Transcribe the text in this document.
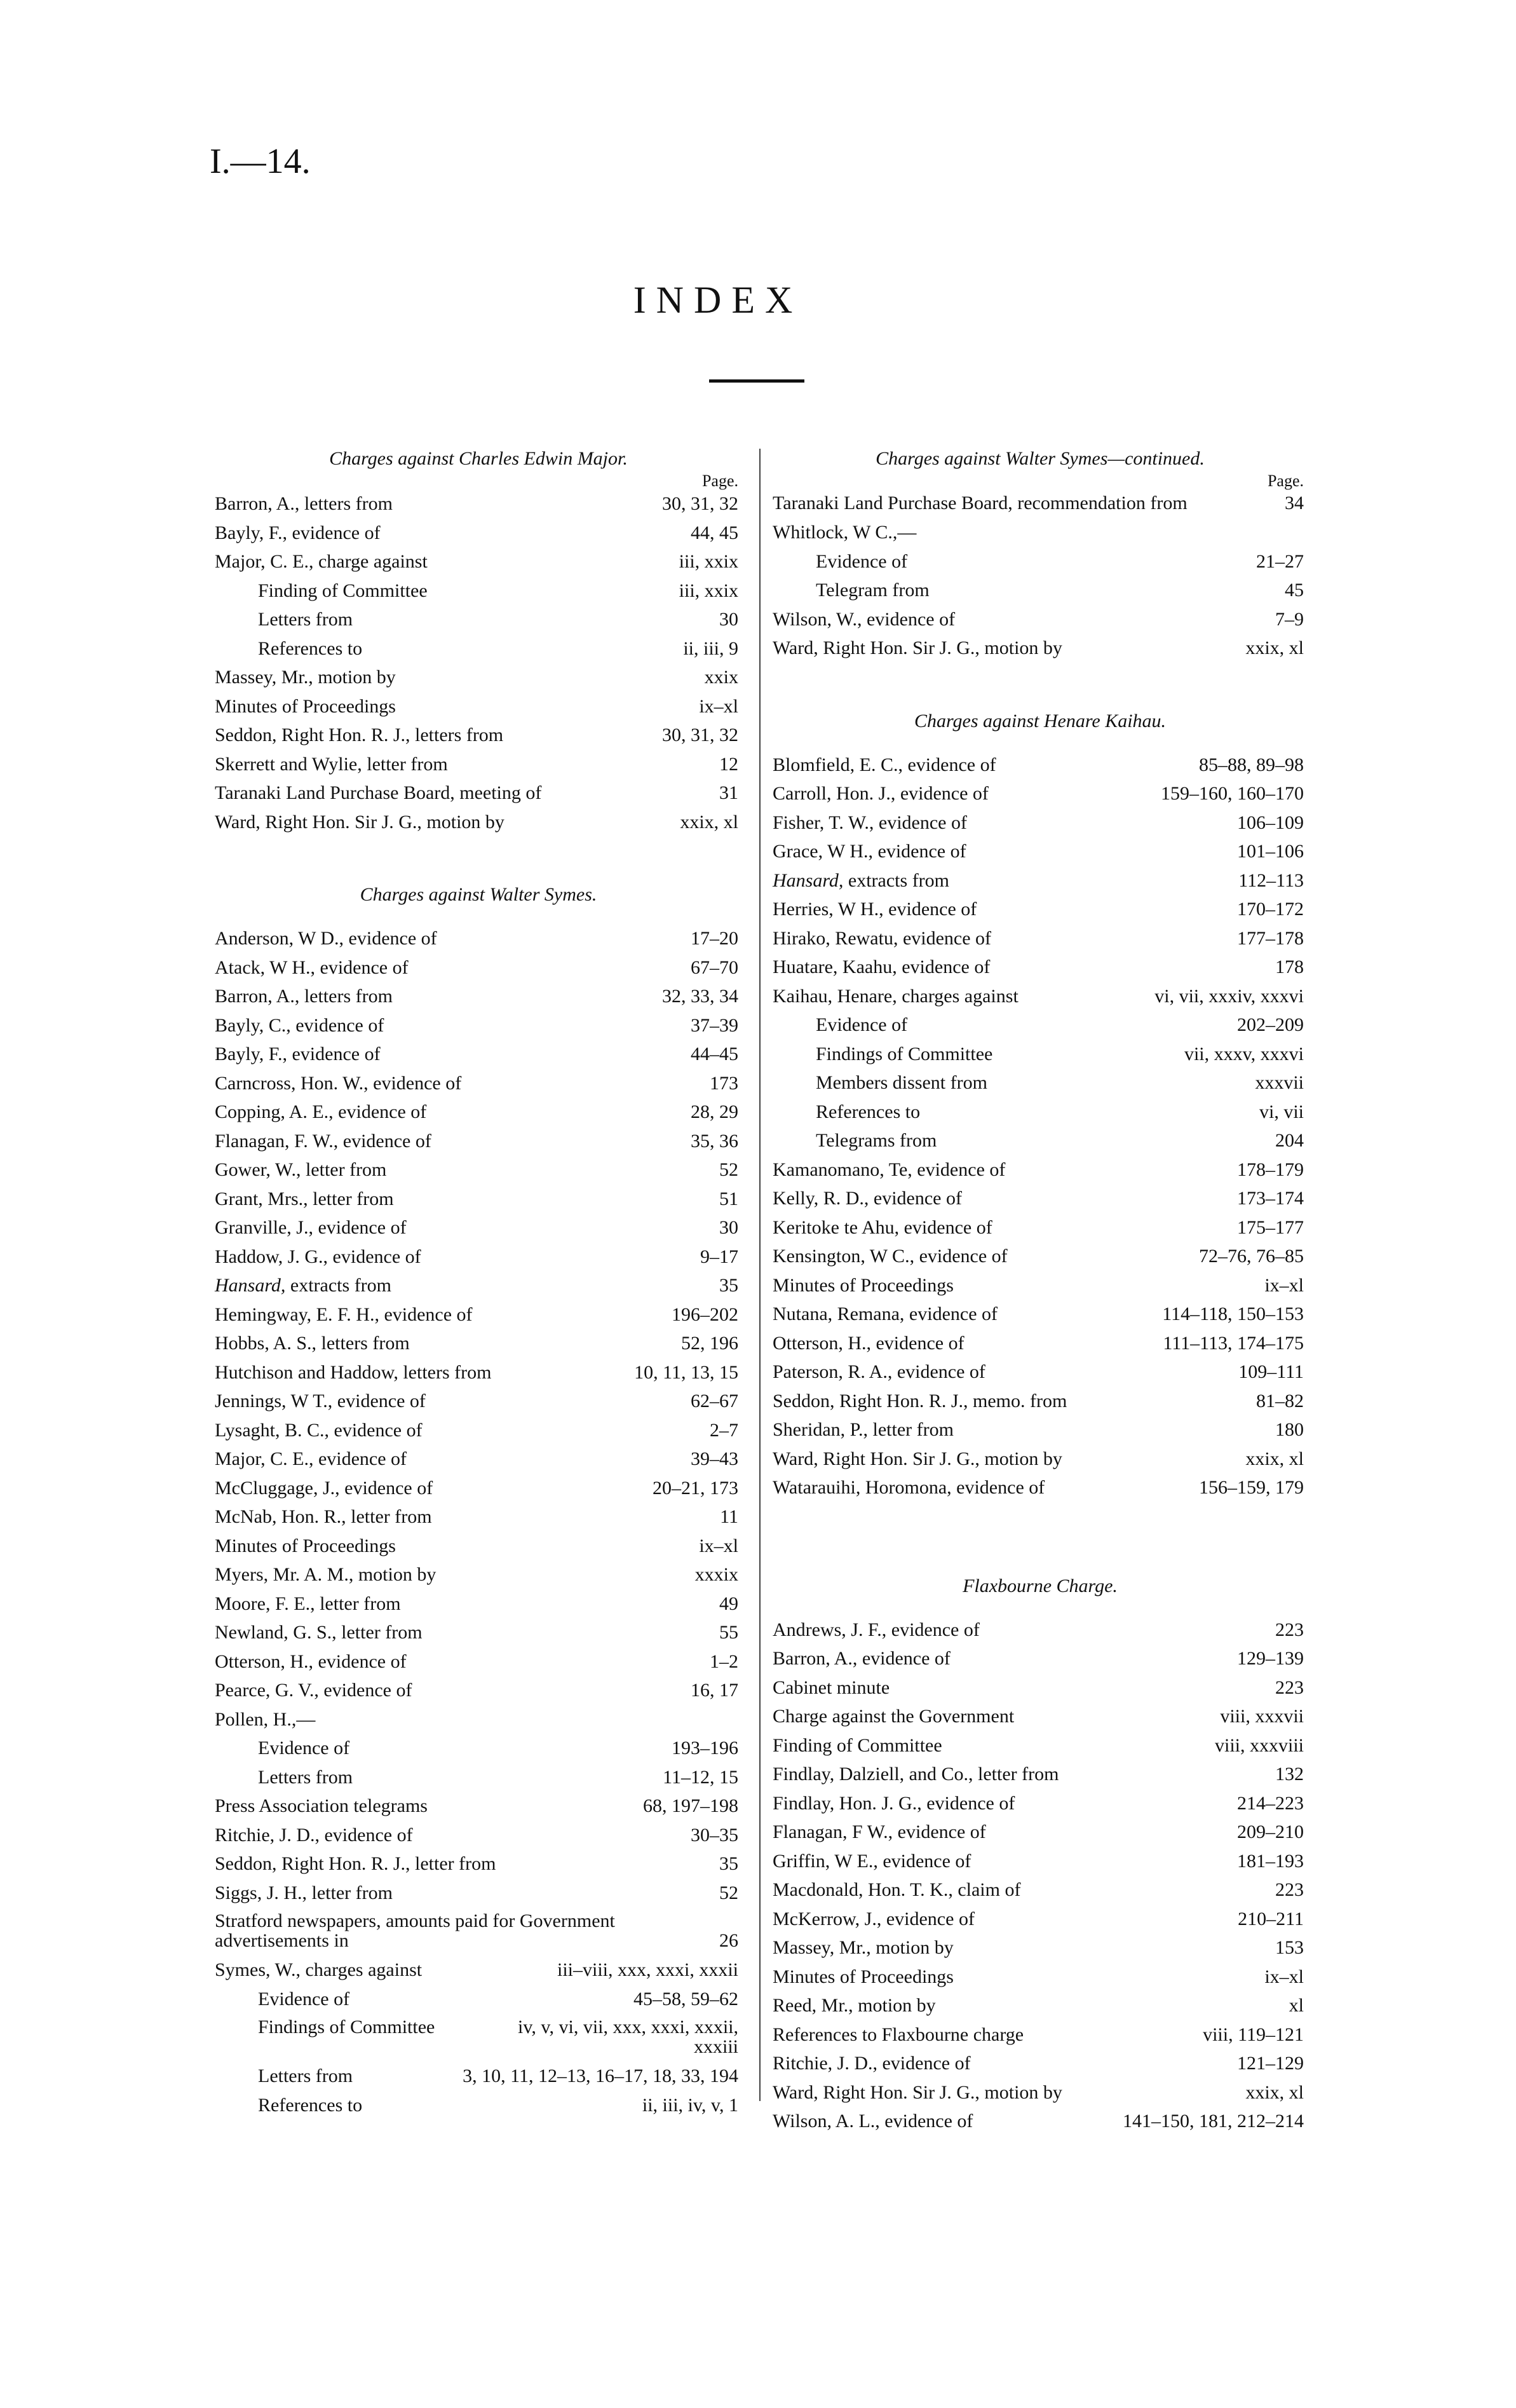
I.—14.
INDEX
Charges against Charles Edwin Major.
Page.
Barron, A., letters from	30, 31, 32
Bayly, F., evidence of	44, 45
Major, C. E., charge against	iii, xxix
Finding of Committee	iii, xxix
Letters from	30
References to	ii, iii, 9
Massey, Mr., motion by	xxix
Minutes of Proceedings	ix–xl
Seddon, Right Hon. R. J., letters from	30, 31, 32
Skerrett and Wylie, letter from	12
Taranaki Land Purchase Board, meeting of	31
Ward, Right Hon. Sir J. G., motion by	xxix, xl
Charges against Walter Symes.
Anderson, W D., evidence of	17–20
Atack, W H., evidence of	67–70
Barron, A., letters from	32, 33, 34
Bayly, C., evidence of	37–39
Bayly, F., evidence of	44–45
Carncross, Hon. W., evidence of	173
Copping, A. E., evidence of	28, 29
Flanagan, F. W., evidence of	35, 36
Gower, W., letter from	52
Grant, Mrs., letter from	51
Granville, J., evidence of	30
Haddow, J. G., evidence of	9–17
Hansard, extracts from	35
Hemingway, E. F. H., evidence of	196–202
Hobbs, A. S., letters from	52, 196
Hutchison and Haddow, letters from	10, 11, 13, 15
Jennings, W T., evidence of	62–67
Lysaght, B. C., evidence of	2–7
Major, C. E., evidence of	39–43
McCluggage, J., evidence of	20–21, 173
McNab, Hon. R., letter from	11
Minutes of Proceedings	ix–xl
Myers, Mr. A. M., motion by	xxxix
Moore, F. E., letter from	49
Newland, G. S., letter from	55
Otterson, H., evidence of	1–2
Pearce, G. V., evidence of	16, 17
Pollen, H.,—
Evidence of	193–196
Letters from	11–12, 15
Press Association telegrams	68, 197–198
Ritchie, J. D., evidence of	30–35
Seddon, Right Hon. R. J., letter from	35
Siggs, J. H., letter from	52
Stratford newspapers, amounts paid for Government advertisements in	26
Symes, W., charges against	iii–viii, xxx, xxxi, xxxii
Evidence of	45–58, 59–62
Findings of Committee	iv, v, vi, vii, xxx, xxxi, xxxii, xxxiii
Letters from	3, 10, 11, 12–13, 16–17, 18, 33, 194
References to	ii, iii, iv, v, 1
Charges against Walter Symes—continued.
Page.
Taranaki Land Purchase Board, recommendation from	34
Whitlock, W C.,—
Evidence of	21–27
Telegram from	45
Wilson, W., evidence of	7–9
Ward, Right Hon. Sir J. G., motion by	xxix, xl
Charges against Henare Kaihau.
Blomfield, E. C., evidence of	85–88, 89–98
Carroll, Hon. J., evidence of	159–160, 160–170
Fisher, T. W., evidence of	106–109
Grace, W H., evidence of	101–106
Hansard, extracts from	112–113
Herries, W H., evidence of	170–172
Hirako, Rewatu, evidence of	177–178
Huatare, Kaahu, evidence of	178
Kaihau, Henare, charges against	vi, vii, xxxiv, xxxvi
Evidence of	202–209
Findings of Committee	vii, xxxv, xxxvi
Members dissent from	xxxvii
References to	vi, vii
Telegrams from	204
Kamanomano, Te, evidence of	178–179
Kelly, R. D., evidence of	173–174
Keritoke te Ahu, evidence of	175–177
Kensington, W C., evidence of	72–76, 76–85
Minutes of Proceedings	ix–xl
Nutana, Remana, evidence of	114–118, 150–153
Otterson, H., evidence of	111–113, 174–175
Paterson, R. A., evidence of	109–111
Seddon, Right Hon. R. J., memo. from	81–82
Sheridan, P., letter from	180
Ward, Right Hon. Sir J. G., motion by	xxix, xl
Watarauihi, Horomona, evidence of	156–159, 179
Flaxbourne Charge.
Andrews, J. F., evidence of	223
Barron, A., evidence of	129–139
Cabinet minute	223
Charge against the Government	viii, xxxvii
Finding of Committee	viii, xxxviii
Findlay, Dalziell, and Co., letter from	132
Findlay, Hon. J. G., evidence of	214–223
Flanagan, F W., evidence of	209–210
Griffin, W E., evidence of	181–193
Macdonald, Hon. T. K., claim of	223
McKerrow, J., evidence of	210–211
Massey, Mr., motion by	153
Minutes of Proceedings	ix–xl
Reed, Mr., motion by	xl
References to Flaxbourne charge	viii, 119–121
Ritchie, J. D., evidence of	121–129
Ward, Right Hon. Sir J. G., motion by	xxix, xl
Wilson, A. L., evidence of	141–150, 181, 212–214
